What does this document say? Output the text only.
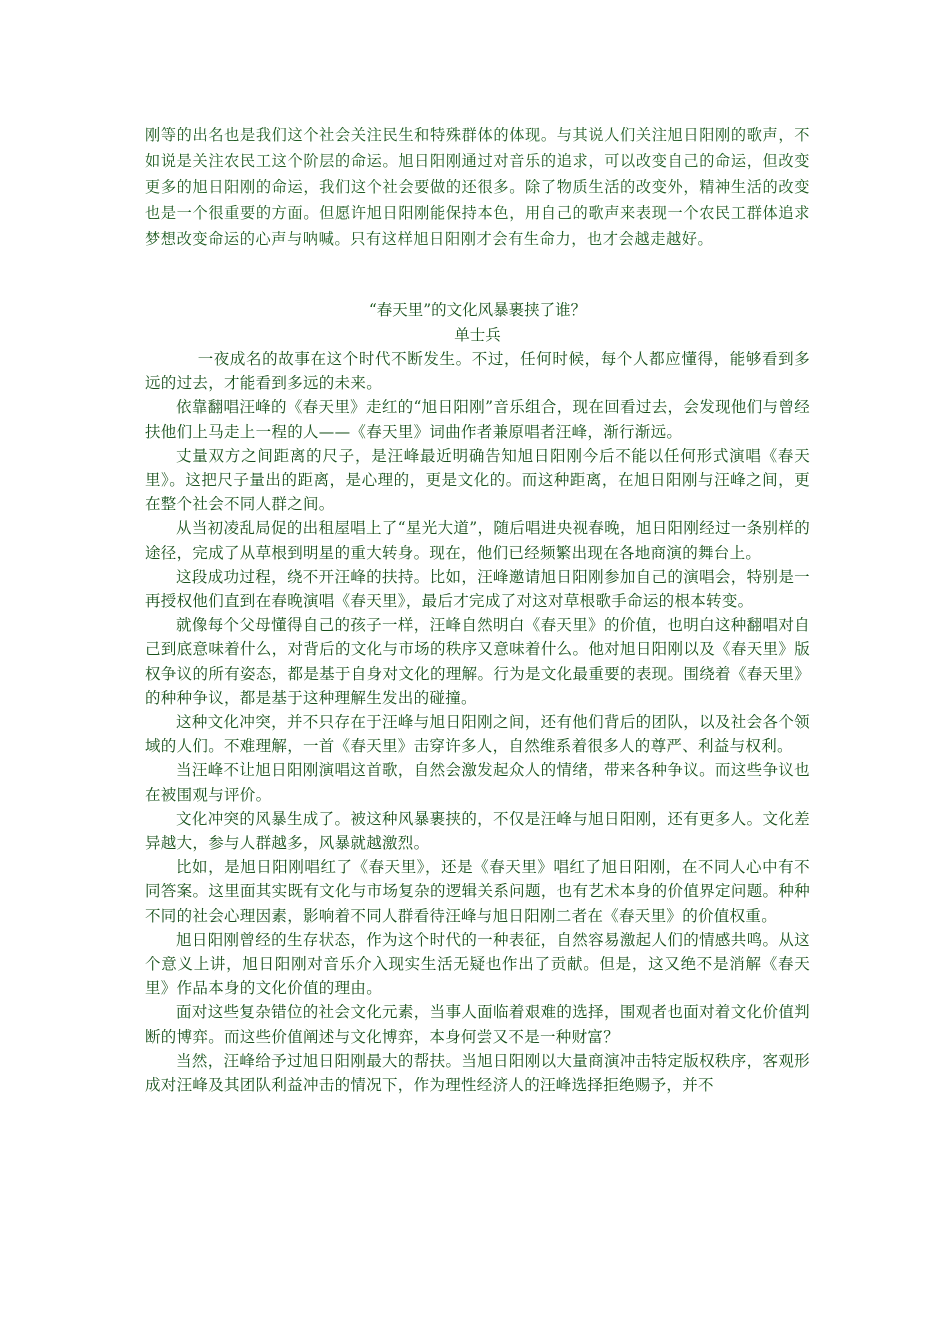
刚等的出名也是我们这个社会关注民生和特殊群体的体现。与其说人们关注旭日阳刚的歌声，不如说是关注农民工这个阶层的命运。旭日阳刚通过对音乐的追求，可以改变自己的命运，但改变更多的旭日阳刚的命运，我们这个社会要做的还很多。除了物质生活的改变外，精神生活的改变也是一个很重要的方面。但愿许旭日阳刚能保持本色，用自己的歌声来表现一个农民工群体追求梦想改变命运的心声与呐喊。只有这样旭日阳刚才会有生命力，也才会越走越好。

“春天里”的文化风暴裹挟了谁？
单士兵

一夜成名的故事在这个时代不断发生。不过，任何时候，每个人都应懂得，能够看到多远的过去，才能看到多远的未来。

依靠翻唱汪峰的《春天里》走红的“旭日阳刚”音乐组合，现在回看过去，会发现他们与曾经扶他们上马走上一程的人——《春天里》词曲作者兼原唱者汪峰，渐行渐远。

丈量双方之间距离的尺子，是汪峰最近明确告知旭日阳刚今后不能以任何形式演唱《春天里》。这把尺子量出的距离，是心理的，更是文化的。而这种距离，在旭日阳刚与汪峰之间，更在整个社会不同人群之间。

从当初凌乱局促的出租屋唱上了“星光大道”，随后唱进央视春晚，旭日阳刚经过一条别样的途径，完成了从草根到明星的重大转身。现在，他们已经频繁出现在各地商演的舞台上。

这段成功过程，绕不开汪峰的扶持。比如，汪峰邀请旭日阳刚参加自己的演唱会，特别是一再授权他们直到在春晚演唱《春天里》，最后才完成了对这对草根歌手命运的根本转变。

就像每个父母懂得自己的孩子一样，汪峰自然明白《春天里》的价值，也明白这种翻唱对自己到底意味着什么，对背后的文化与市场的秩序又意味着什么。他对旭日阳刚以及《春天里》版权争议的所有姿态，都是基于自身对文化的理解。行为是文化最重要的表现。围绕着《春天里》的种种争议，都是基于这种理解生发出的碰撞。

这种文化冲突，并不只存在于汪峰与旭日阳刚之间，还有他们背后的团队，以及社会各个领域的人们。不难理解，一首《春天里》击穿许多人，自然维系着很多人的尊严、利益与权利。

当汪峰不让旭日阳刚演唱这首歌，自然会激发起众人的情绪，带来各种争议。而这些争议也在被围观与评价。

文化冲突的风暴生成了。被这种风暴裹挟的，不仅是汪峰与旭日阳刚，还有更多人。文化差异越大，参与人群越多，风暴就越激烈。

比如，是旭日阳刚唱红了《春天里》，还是《春天里》唱红了旭日阳刚，在不同人心中有不同答案。这里面其实既有文化与市场复杂的逻辑关系问题，也有艺术本身的价值界定问题。种种不同的社会心理因素，影响着不同人群看待汪峰与旭日阳刚二者在《春天里》的价值权重。

旭日阳刚曾经的生存状态，作为这个时代的一种表征，自然容易激起人们的情感共鸣。从这个意义上讲，旭日阳刚对音乐介入现实生活无疑也作出了贡献。但是，这又绝不是消解《春天里》作品本身的文化价值的理由。

面对这些复杂错位的社会文化元素，当事人面临着艰难的选择，围观者也面对着文化价值判断的博弈。而这些价值阐述与文化博弈，本身何尝又不是一种财富？

当然，汪峰给予过旭日阳刚最大的帮扶。当旭日阳刚以大量商演冲击特定版权秩序，客观形成对汪峰及其团队利益冲击的情况下，作为理性经济人的汪峰选择拒绝赐予，并不
